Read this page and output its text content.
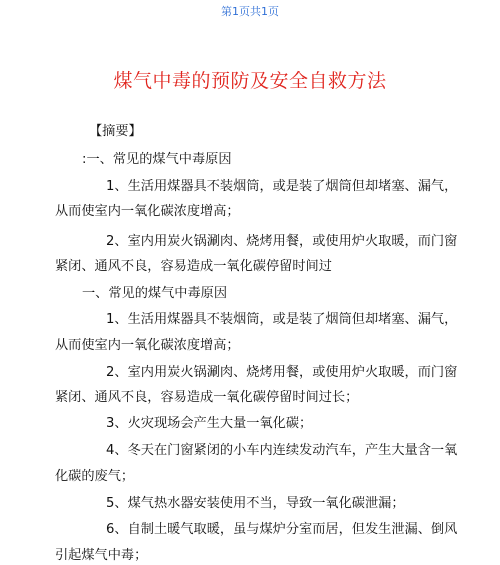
第1页共1页
煤气中毒的预防及安全自救方法
【摘要】
:一、常见的煤气中毒原因
1、生活用煤器具不装烟筒，或是装了烟筒但却堵塞、漏气，
从而使室内一氧化碳浓度增高；
2、室内用炭火锅涮肉、烧烤用餐，或使用炉火取暖，而门窗
紧闭、通风不良，容易造成一氧化碳停留时间过
一、常见的煤气中毒原因
1、生活用煤器具不装烟筒，或是装了烟筒但却堵塞、漏气，
从而使室内一氧化碳浓度增高；
2、室内用炭火锅涮肉、烧烤用餐，或使用炉火取暖，而门窗
紧闭、通风不良，容易造成一氧化碳停留时间过长；
3、火灾现场会产生大量一氧化碳；
4、冬天在门窗紧闭的小车内连续发动汽车，产生大量含一氧
化碳的废气；
5、煤气热水器安装使用不当，导致一氧化碳泄漏；
6、自制土暖气取暖，虽与煤炉分室而居，但发生泄漏、倒风
引起煤气中毒；
